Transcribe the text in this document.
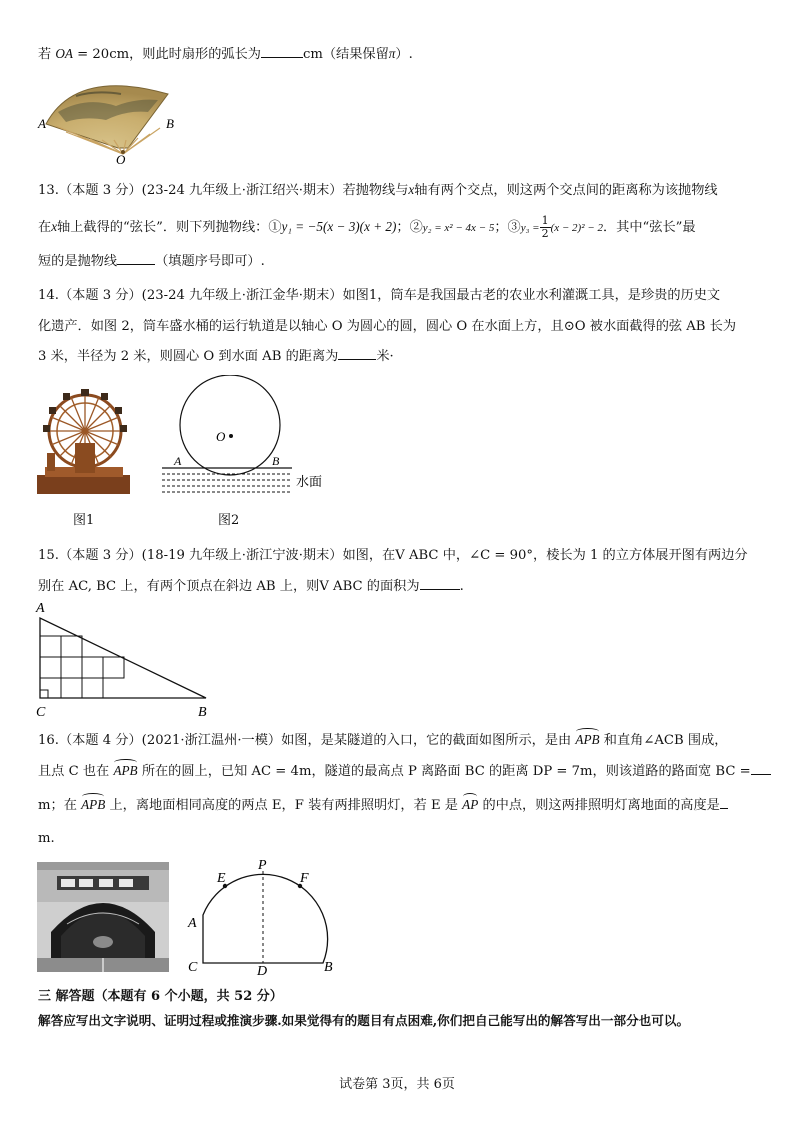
若 OA = 20cm，则此时扇形的弧长为	cm（结果保留π）.
A	B
O
13.（本题 3 分）(23-24 九年级上·浙江绍兴·期末）若抛物线与x轴有两个交点，则这两个交点间的距离称为该抛物线
在x轴上截得的“弦长”．则下列抛物线：①y₁ = −5(x − 3)(x + 2)；②y₂ = x² − 4x − 5；③y₃ = $\frac{1}{2} (x - 2)^2 - 2$．其中“弦长”最
短的是抛物线	（填题序号即可）.
14.（本题 3 分）(23-24 九年级上·浙江金华·期末）如图1，筒车是我国最古老的农业水利灌溉工具，是珍贵的历史文
化遗产．如图 2，筒车盛水桶的运行轨道是以轴心 O 为圆心的圆，圆心 O 在水面上方，且⊙O 被水面截得的弦 AB 长为
3 米，半径为 2 米，则圆心 O 到水面 AB 的距离为	米·
图1
O
A	B
水面
图2
15.（本题 3 分）(18-19 九年级上·浙江宁波·期末）如图，在V ABC 中，∠C = 90°，棱长为 1 的立方体展开图有两边分
别在 AC, BC 上，有两个顶点在斜边 AB 上，则V ABC 的面积为	.
A
C	B
16.（本题 4 分）(2021·浙江温州·一模）如图，是某隧道的入口，它的截面如图所示，是由 APB 和直角∠ACB 围成，
且点 C 也在 APB 所在的圆上，已知 AC = 4m，隧道的最高点 P 离路面 BC 的距离 DP = 7m，则该道路的路面宽 BC =
m；在 APB 上，离地面相同高度的两点 E，F 装有两排照明灯，若 E 是 AP 的中点，则这两排照明灯离地面的高度是
m.
E
P
F
A
C	D	B
三 解答题（本题有 6 个小题，共 52 分）
解答应写出文字说明、证明过程或推演步骤.如果觉得有的题目有点困难,你们把自己能写出的解答写出一部分也可以。
试卷第 3页，共 6页
